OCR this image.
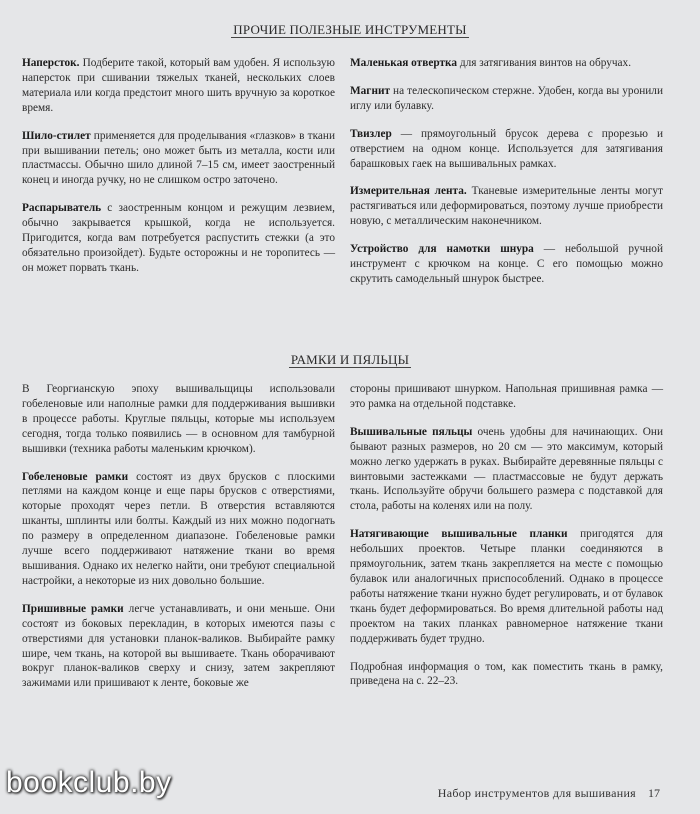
ПРОЧИЕ ПОЛЕЗНЫЕ ИНСТРУМЕНТЫ

Наперсток. Подберите такой, который вам удобен. Я использую наперсток при сшивании тяжелых тканей, нескольких слоев материала или когда предстоит много шить вручную за короткое время.

Шило-стилет применяется для проделывания «глазков» в ткани при вышивании петель; оно может быть из металла, кости или пластмассы. Обычно шило длиной 7–15 см, имеет заостренный конец и иногда ручку, но не слишком остро заточено.

Распарыватель с заостренным концом и режущим лезвием, обычно закрывается крышкой, когда не используется. Пригодится, когда вам потребуется распустить стежки (а это обязательно произойдет). Будьте осторожны и не торопитесь — он может порвать ткань.

Маленькая отвертка для затягивания винтов на обручах.

Магнит на телескопическом стержне. Удобен, когда вы уронили иглу или булавку.

Твизлер — прямоугольный брусок дерева с прорезью и отверстием на одном конце. Используется для затягивания барашковых гаек на вышивальных рамках.

Измерительная лента. Тканевые измерительные ленты могут растягиваться или деформироваться, поэтому лучше приобрести новую, с металлическим наконечником.

Устройство для намотки шнура — небольшой ручной инструмент с крючком на конце. С его помощью можно скрутить самодельный шнурок быстрее.

РАМКИ И ПЯЛЬЦЫ

В Георгианскую эпоху вышивальщицы использовали гобеленовые или наполные рамки для поддерживания вышивки в процессе работы. Круглые пяльцы, которые мы используем сегодня, тогда только появились — в основном для тамбурной вышивки (техника работы маленьким крючком).

Гобеленовые рамки состоят из двух брусков с плоскими петлями на каждом конце и еще пары брусков с отверстиями, которые проходят через петли. В отверстия вставляются шканты, шплинты или болты. Каждый из них можно подогнать по размеру в определенном диапазоне. Гобеленовые рамки лучше всего поддерживают натяжение ткани во время вышивания. Однако их нелегко найти, они требуют специальной настройки, а некоторые из них довольно большие.

Пришивные рамки легче устанавливать, и они меньше. Они состоят из боковых перекладин, в которых имеются пазы с отверстиями для установки планок-валиков. Выбирайте рамку шире, чем ткань, на которой вы вышиваете. Ткань оборачивают вокруг планок-валиков сверху и снизу, затем закрепляют зажимами или пришивают к ленте, боковые же

стороны пришивают шнурком. Напольная пришивная рамка — это рамка на отдельной подставке.

Вышивальные пяльцы очень удобны для начинающих. Они бывают разных размеров, но 20 см — это максимум, который можно легко удержать в руках. Выбирайте деревянные пяльцы с винтовыми застежками — пластмассовые не будут держать ткань. Используйте обручи большего размера с подставкой для стола, работы на коленях или на полу.

Натягивающие вышивальные планки пригодятся для небольших проектов. Четыре планки соединяются в прямоугольник, затем ткань закрепляется на месте с помощью булавок или аналогичных приспособлений. Однако в процессе работы натяжение ткани нужно будет регулировать, и от булавок ткань будет деформироваться. Во время длительной работы над проектом на таких планках равномерное натяжение ткани поддерживать будет трудно.

Подробная информация о том, как поместить ткань в рамку, приведена на с. 22–23.

Набор инструментов для вышивания 17
bookclub.by
